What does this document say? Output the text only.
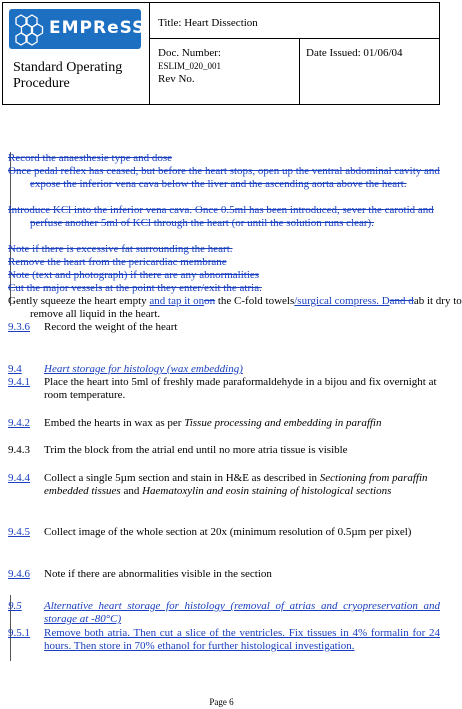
EMPReSS
Standard Operating Procedure
Title: Heart Dissection
Doc. Number:
ESLIM_020_001
Rev No.
Date Issued: 01/06/04
Record the anaesthesie type and dose
Once pedal reflex has ceased, but before the heart stops, open up the ventral abdominal cavity and expose the inferior vena cava below the liver and the ascending aorta above the heart.
Introduce KCl into the inferior vena cava. Once 0.5ml has been introduced, sever the carotid and perfuse another 5ml of KCl through the heart (or until the solution runs clear).
Note if there is excessive fat surrounding the heart.
Remove the heart from the pericardiac membrane
Note (text and photograph) if there are any abnormalities
Cut the major vessels at the point they enter/exit the atria.
Gently squeeze the heart empty and tap it onon the C-fold towels/surgical compress. Dand dab it dry to remove all liquid in the heart.
9.3.6	Record the weight of the heart
9.4	Heart storage for histology (wax embedding)
9.4.1	Place the heart into 5ml of freshly made paraformaldehyde in a bijou and fix overnight at room temperature.
9.4.2	Embed the hearts in wax as per Tissue processing and embedding in paraffin
9.4.3	Trim the block from the atrial end until no more atria tissue is visible
9.4.4	Collect a single 5µm section and stain in H&E as described in Sectioning from paraffin embedded tissues and Haematoxylin and eosin staining of histological sections
9.4.5	Collect image of the whole section at 20x (minimum resolution of 0.5µm per pixel)
9.4.6	Note if there are abnormalities visible in the section
9.5	Alternative heart storage for histology (removal of atrias and cryopreservation and storage at -80°C)
9.5.1	Remove both atria. Then cut a slice of the ventricles. Fix tissues in 4% formalin for 24 hours. Then store in 70% ethanol for further histological investigation.
Page 6
